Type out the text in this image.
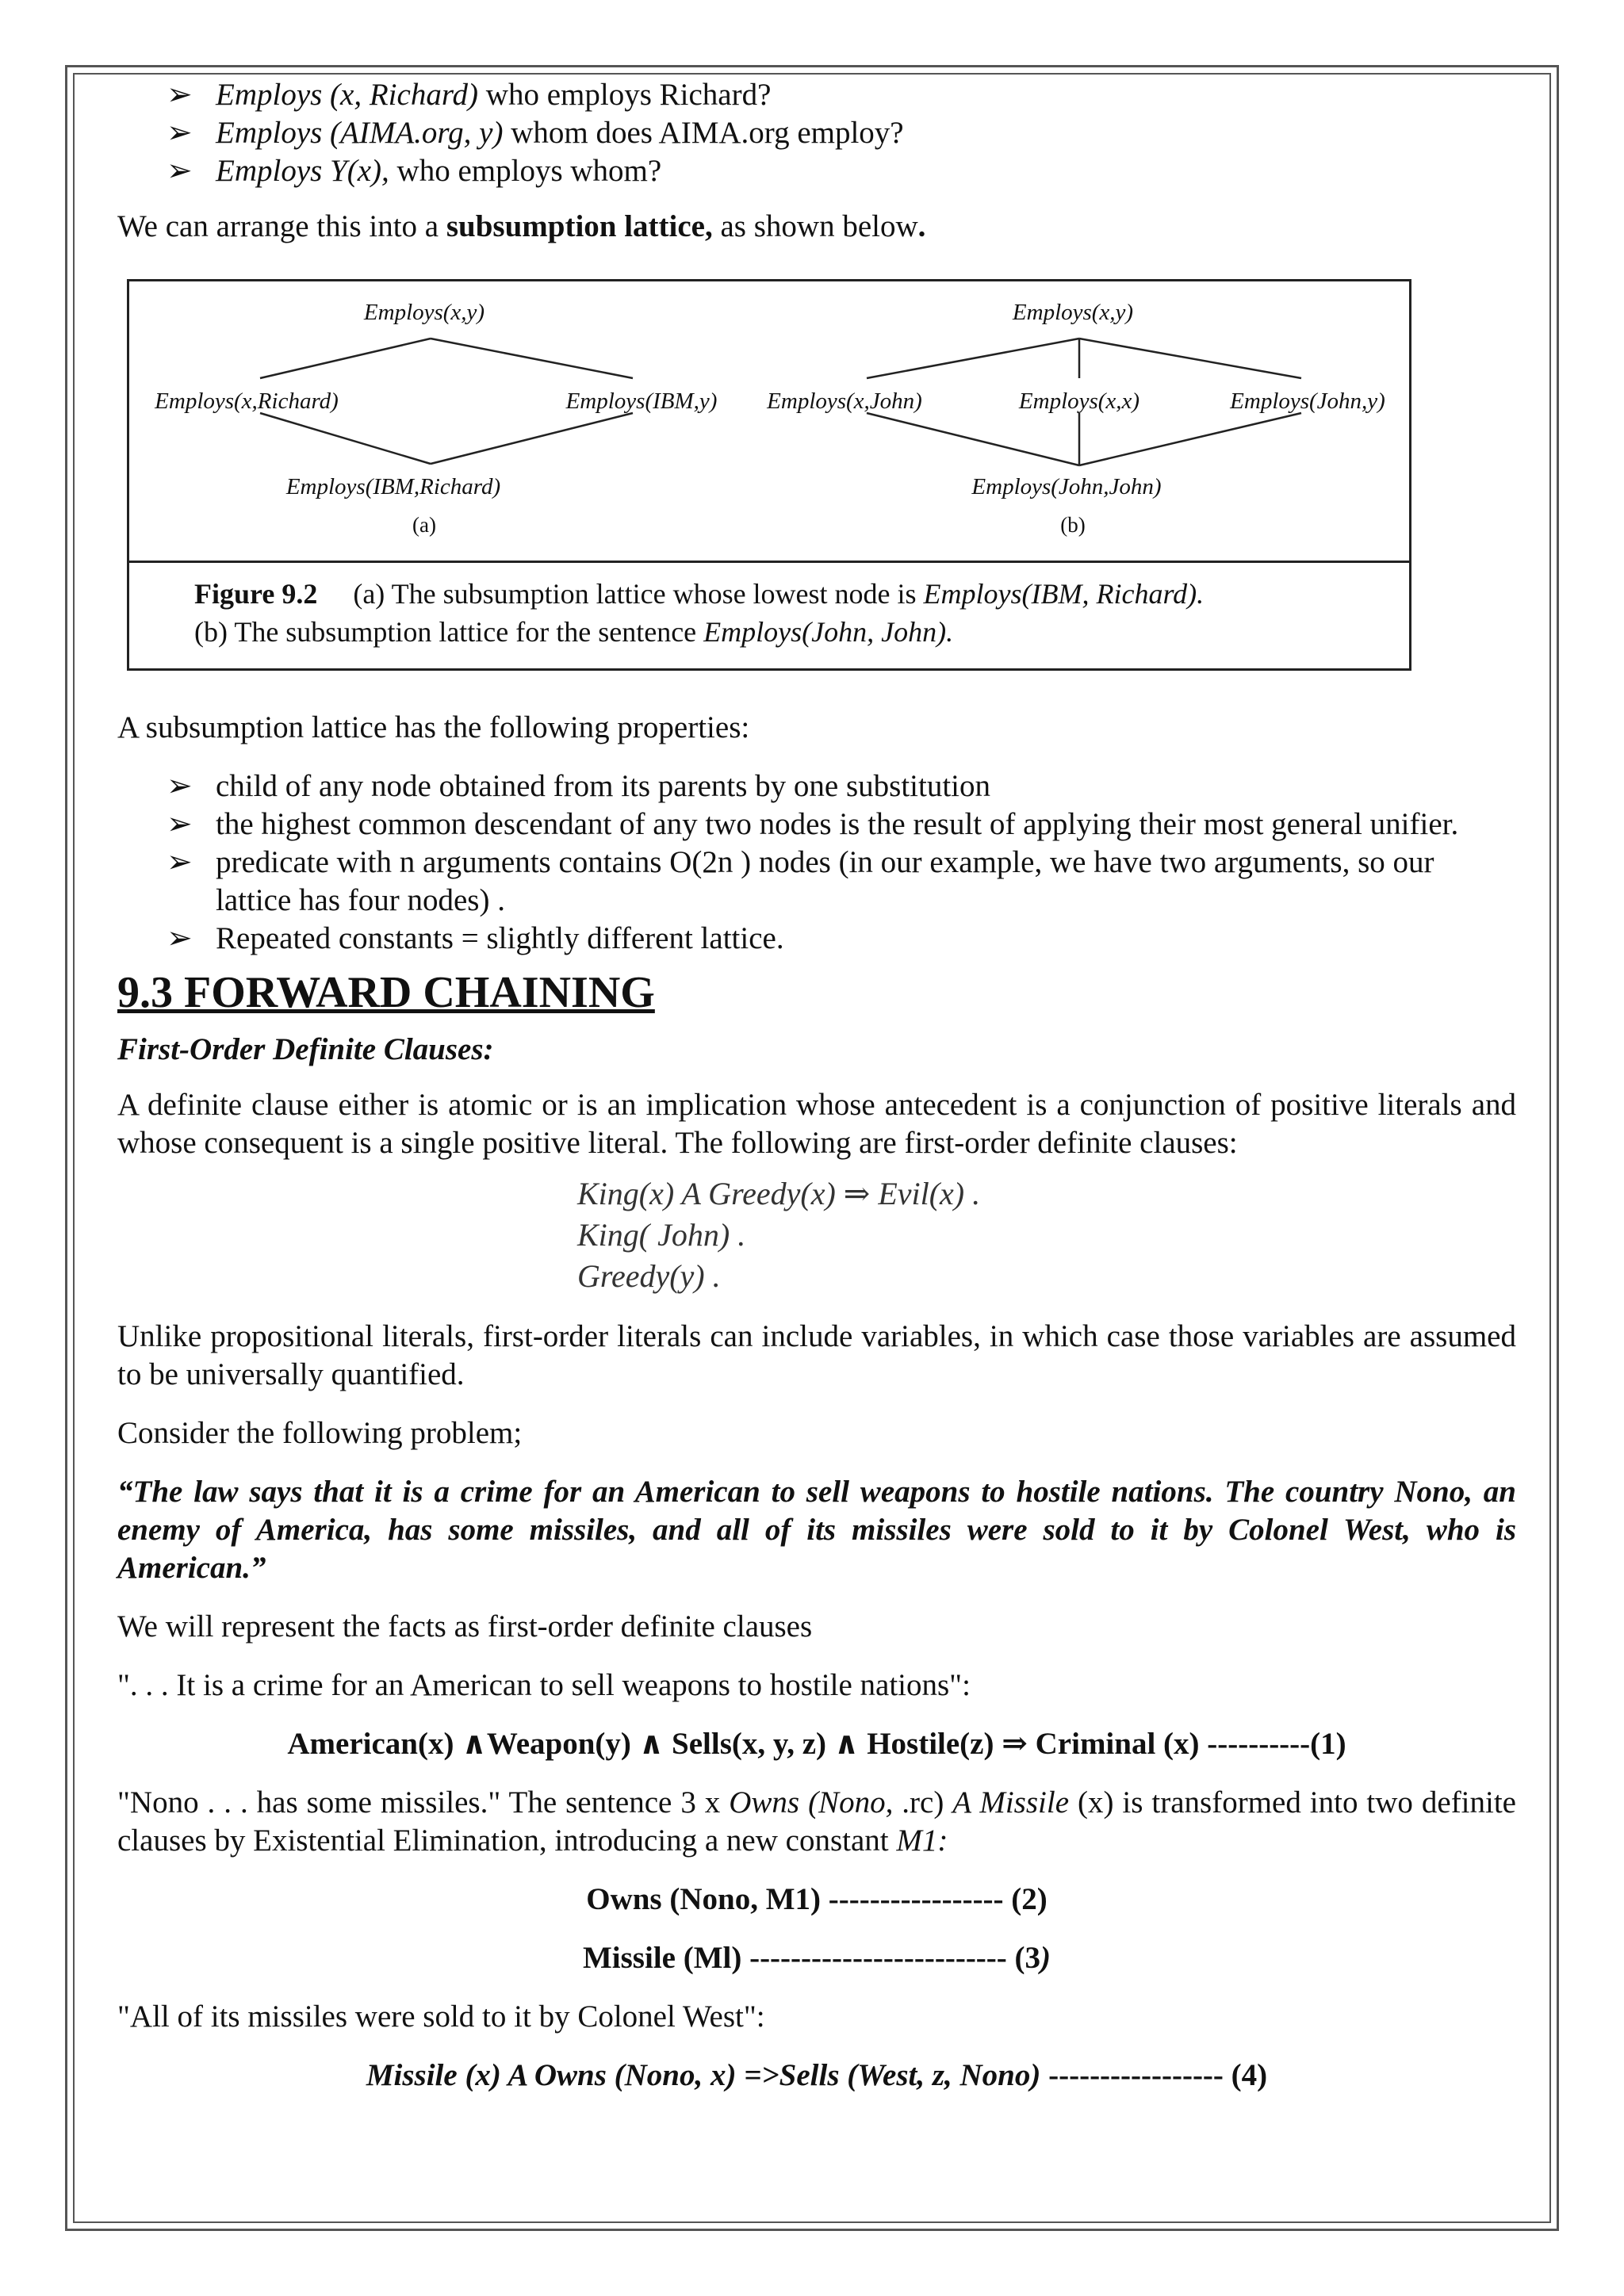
➢ Employs (x, Richard) who employs Richard?
➢ Employs (AIMA.org, y) whom does AIMA.org employ?
➢ Employs Y(x), who employs whom?

We can arrange this into a subsumption lattice, as shown below.

Employs(x,y)
Employs(x,Richard)	Employs(IBM,y)
Employs(IBM,Richard)
Employs(x,y)
Employs(x,John)	Employs(x,x)	Employs(John,y)
Employs(John,John)
(a)	(b)
Figure 9.2 (a) The subsumption lattice whose lowest node is Employs(IBM, Richard).
(b) The subsumption lattice for the sentence Employs(John, John).

A subsumption lattice has the following properties:

➢ child of any node obtained from its parents by one substitution
➢ the highest common descendant of any two nodes is the result of applying their most general unifier.
➢ predicate with n arguments contains O(2n ) nodes (in our example, we have two arguments, so our lattice has four nodes) .
➢ Repeated constants = slightly different lattice.
9.3 FORWARD CHAINING

First-Order Definite Clauses:

A definite clause either is atomic or is an implication whose antecedent is a conjunction of positive literals and whose consequent is a single positive literal. The following are first-order definite clauses:

King(x) A Greedy(x) ⇒ Evil(x) .
King( John) .
Greedy(y) .

Unlike propositional literals, first-order literals can include variables, in which case those variables are assumed to be universally quantified.

Consider the following problem;

“The law says that it is a crime for an American to sell weapons to hostile nations. The country Nono, an enemy of America, has some missiles, and all of its missiles were sold to it by Colonel West, who is American.”

We will represent the facts as first-order definite clauses

". . . It is a crime for an American to sell weapons to hostile nations":

American(x) ∧Weapon(y) ∧ Sells(x, y, z) ∧ Hostile(z) ⇒ Criminal (x) ----------(1)

"Nono . . . has some missiles." The sentence 3 x Owns (Nono, .rc) A Missile (x) is transformed into two definite clauses by Existential Elimination, introducing a new constant M1:

Owns (Nono, M1) ----------------- (2)

Missile (Ml) ------------------------- (3)

"All of its missiles were sold to it by Colonel West":

Missile (x) A Owns (Nono, x) =>Sells (West, z, Nono) ----------------- (4)
